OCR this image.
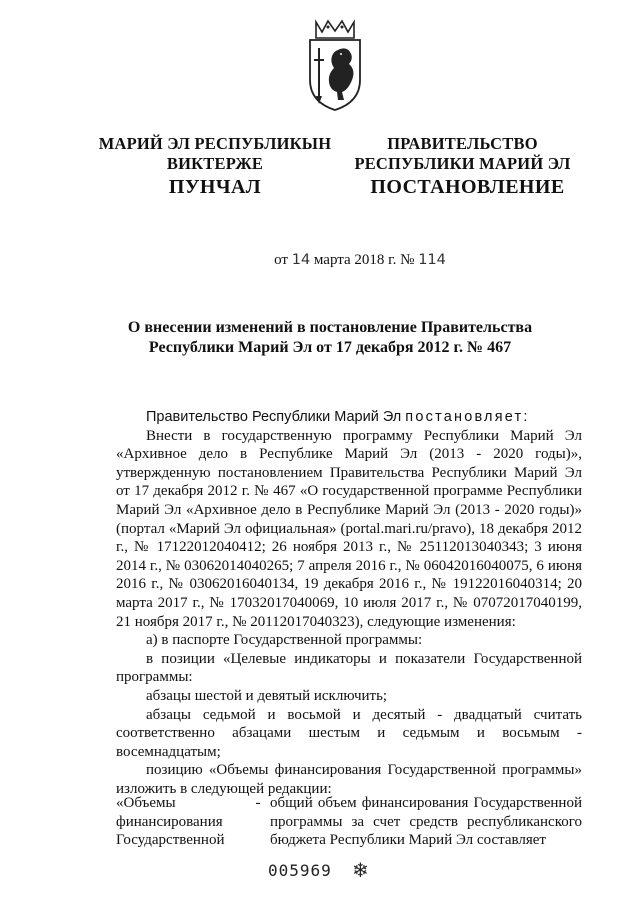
МАРИЙ ЭЛ РЕСПУБЛИКЫН
ВИКТЕРЖЕ
ПРАВИТЕЛЬСТВО
РЕСПУБЛИКИ МАРИЙ ЭЛ
ПУНЧАЛ	ПОСТАНОВЛЕНИЕ
от 14 марта 2018 г. № 114
О внесении изменений в постановление Правительства
Республики Марий Эл от 17 декабря 2012 г. № 467

Правительство Республики Марий Эл постановляет:

Внести в государственную программу Республики Марий Эл «Архивное дело в Республике Марий Эл (2013 - 2020 годы)», утвержденную постановлением Правительства Республики Марий Эл от 17 декабря 2012 г. № 467 «О государственной программе Республики Марий Эл «Архивное дело в Республике Марий Эл (2013 - 2020 годы)» (портал «Марий Эл официальная» (portal.mari.ru/pravo), 18 декабря 2012 г., № 17122012040412; 26 ноября 2013 г., № 25112013040343; 3 июня 2014 г., № 03062014040265; 7 апреля 2016 г., № 06042016040075, 6 июня 2016 г., № 03062016040134, 19 декабря 2016 г., № 19122016040314; 20 марта 2017 г., № 17032017040069, 10 июля 2017 г., № 07072017040199, 21 ноября 2017 г., № 20112017040323), следующие изменения:

а) в паспорте Государственной программы:

в позиции «Целевые индикаторы и показатели Государственной программы:

абзацы шестой и девятый исключить;

абзацы седьмой и восьмой и десятый - двадцатый считать соответственно абзацами шестым и седьмым и восьмым - восемнадцатым;

позицию «Объемы финансирования Государственной программы» изложить в следующей редакции:

«Объемы финансирования Государственной
- общий объем финансирования Государственной программы за счет средств республиканского бюджета Республики Марий Эл составляет
005969 ❄
